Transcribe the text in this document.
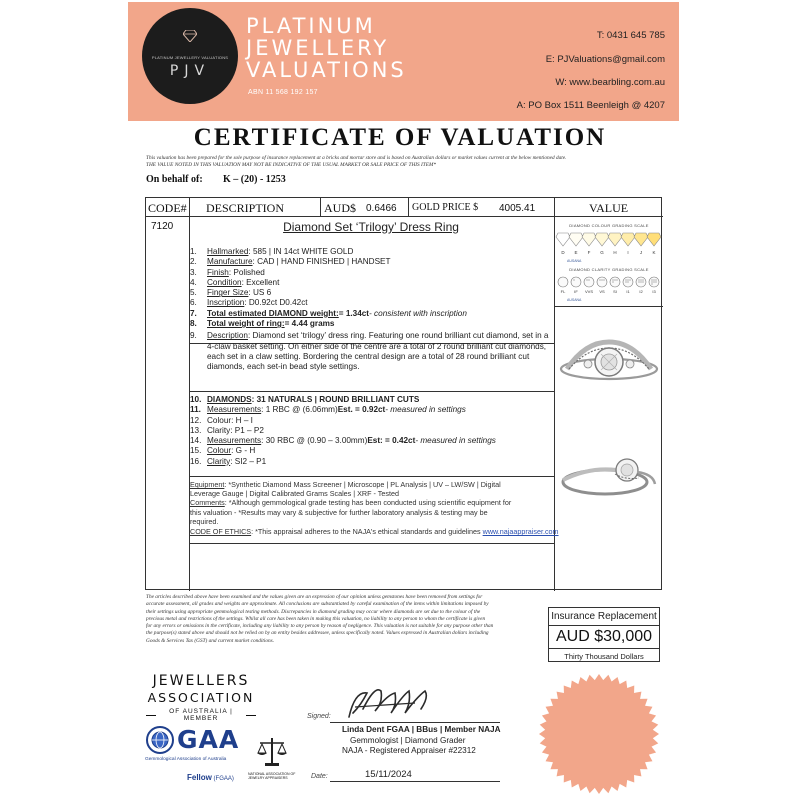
PLATINUM JEWELLERY VALUATIONS
PJV
PLATINUM
JEWELLERY
VALUATIONS
ABN 11 568 192 157
T: 0431 645 785
E: PJValuations@gmail.com
W: www.bearbling.com.au
A: PO Box 1511 Beenleigh @ 4207
CERTIFICATE OF VALUATION
This valuation has been prepared for the sole purpose of insurance replacement at a bricks and mortar store and is based on Australian dollars or market values current at the below mentioned date.
THE VALUE NOTED IN THIS VALUATION MAY NOT BE INDICATIVE OF THE USUAL MARKET OR SALE PRICE OF THIS ITEM*
On behalf of: K – (20) - 1253
CODE# DESCRIPTION	AUD$ 0.6466 GOLD PRICE $ 4005.41	VALUE
7120	Diamond Set ‘Trilogy’ Dress Ring
1.	Hallmarked : 585 | IN 14ct WHITE GOLD
2.	Manufacture : CAD | HAND FINISHED | HANDSET
3.	Finish : Polished
4.	Condition : Excellent
5.	Finger Size : US 6
6.	Inscription : D0.92ct D0.42ct
7.	Total estimated DIAMOND weight: = 1.34ct - consistent with inscription
8.	Total weight of ring: = 4.44 grams
9. Description: Diamond set ‘trilogy’ dress ring. Featuring one round brilliant cut diamond, set in a 4-claw basket setting. On either side of the centre are a total of 2 round brilliant cut diamonds, each set in a claw setting. Bordering the central design are a total of 28 round brilliant cut diamonds, each set-in bead style settings.
10. DIAMONDS : 31 NATURALS | ROUND BRILLIANT CUTS
11. Measurements : 1 RBC @ (6.06mm) Est. = 0.92ct - measured in settings
12. Colour: H – I
13. Clarity: P1 – P2
14. Measurements : 30 RBC @ (0.90 – 3.00mm) Est: = 0.42ct - measured in settings
15. Colour : G - H
16. Clarity : SI2 – P1
Equipment: *Synthetic Diamond Mass Screener | Microscope | PL Analysis | UV – LW/SW | Digital
Leverage Gauge | Digital Calibrated Grams Scales | XRF - Tested
Comments: *Although gemmological grade testing has been conducted using scientific equipment for
this valuation - *Results may vary & subjective for further laboratory analysis & testing may be
required.
CODE OF ETHICS: *This appraisal adheres to the NAJA's ethical standards and guidelines www.najaappraiser.com
DIAMOND COLOUR GRADING SCALE
D E F G H I J K
AUSANA
DIAMOND CLARITY GRADING SCALE
FL IF VVS VS SI I1 I2 I3
AUSANA
The articles described above have been examined and the values given are an expression of our opinion unless gemstones have been removed from settings for
accurate assessment, all grades and weights are approximate. All conclusions are substantiated by careful examination of the items within limitations imposed by
their settings using appropriate gemmological testing methods. Discrepancies in diamond grading may occur where diamonds are set due to the colour of the
precious metal and restrictions of the settings. Whilst all care has been taken in making this valuation, no liability to any person to whom the certificate is given
for any errors or omissions in the certificate, including any liability to any person by reason of negligence. This valuation is not suitable for any purpose other than
the purpose(s) stated above and should not be relied on by an entity besides addressee, unless specifically noted. Values expressed in Australian dollars including
Goods & Services Tax (GST) and current market conditions.
Insurance Replacement
AUD $30,000
Thirty Thousand Dollars
JEWELLERS
ASSOCIATION
OF AUSTRALIA | MEMBER
GAA
Gemmological Association of Australia
Fellow (FGAA)
NATIONAL ASSOCIATION OF JEWELRY APPRAISERS
Signed:
Linda Dent FGAA | BBus | Member NAJA
Gemmologist | Diamond Grader
NAJA - Registered Appraiser #22312
Date:	15/11/2024
